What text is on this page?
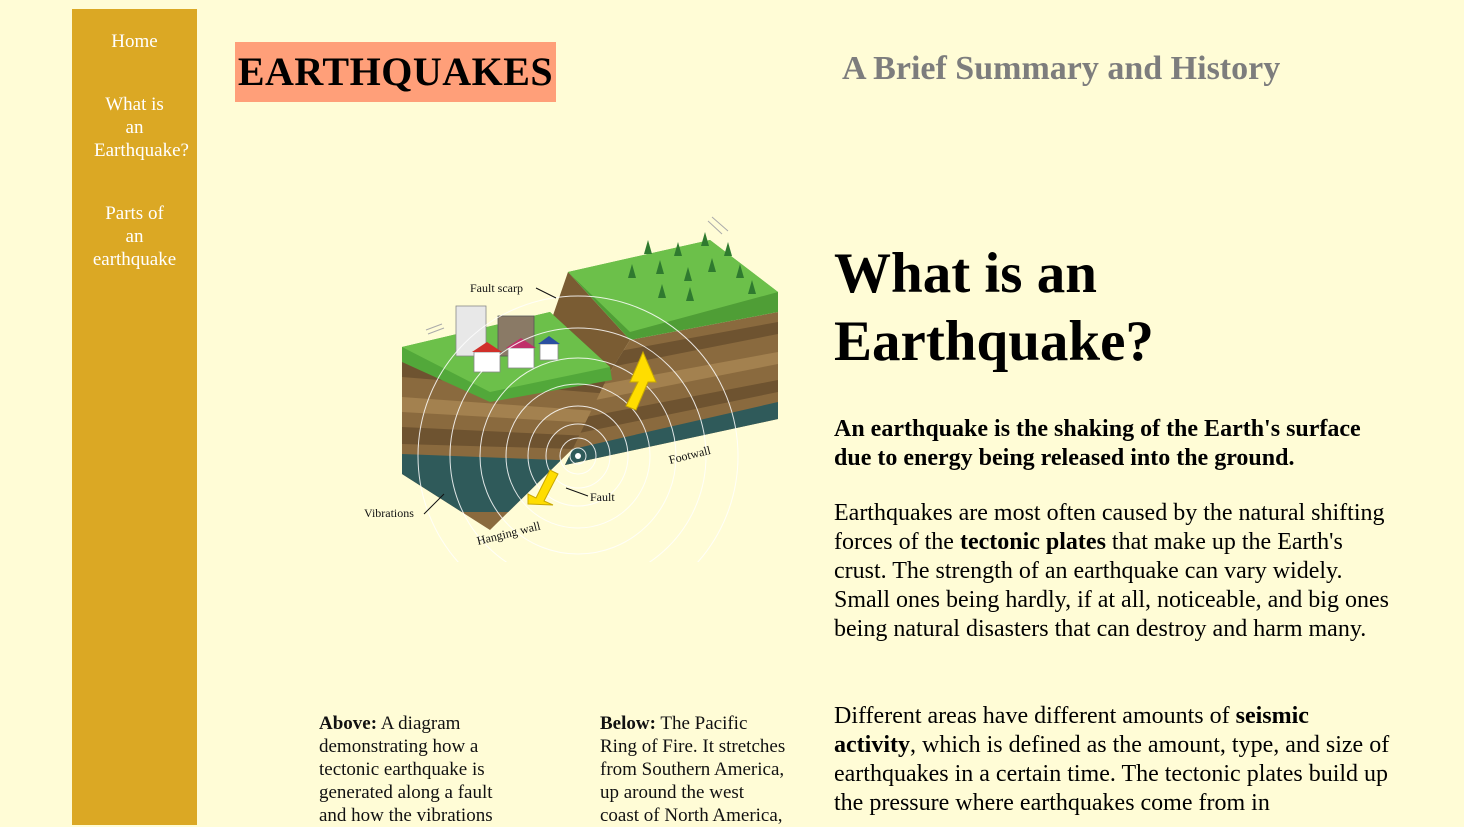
Home
What is
an
Earthquake?
Parts of
an
earthquake
EARTHQUAKES	A Brief Summary and History
Fault scarp
Footwall
Fault
Vibrations
Hanging wall
Above: A diagram
demonstrating how a
tectonic earthquake is
generated along a fault
and how the vibrations
Below: The Pacific
Ring of Fire. It stretches
from Southern America,
up around the west
coast of North America,
What is an
Earthquake?
An earthquake is the shaking of the Earth's surface due to energy being released into the ground.
Earthquakes are most often caused by the natural shifting forces of the tectonic plates that make up the Earth's crust. The strength of an earthquake can vary widely. Small ones being hardly, if at all, noticeable, and big ones being natural disasters that can destroy and harm many.
Different areas have different amounts of seismic activity, which is defined as the amount, type, and size of earthquakes in a certain time. The tectonic plates build up the pressure where earthquakes come from in
